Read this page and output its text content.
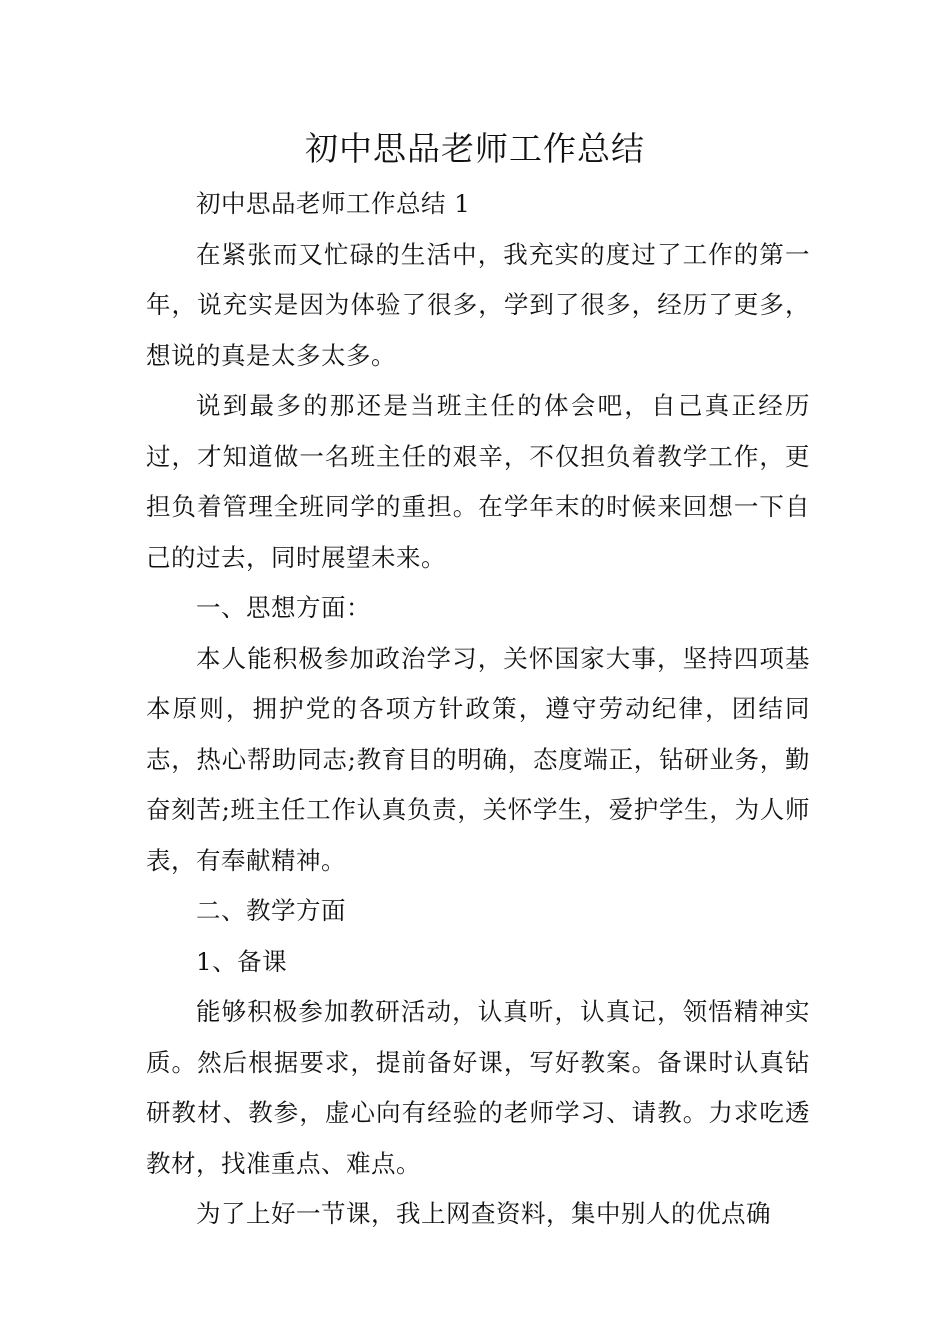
初中思品老师工作总结

初中思品老师工作总结 1

在紧张而又忙碌的生活中，我充实的度过了工作的第一年，说充实是因为体验了很多，学到了很多，经历了更多，想说的真是太多太多。

说到最多的那还是当班主任的体会吧，自己真正经历过，才知道做一名班主任的艰辛，不仅担负着教学工作，更担负着管理全班同学的重担。在学年末的时候来回想一下自己的过去，同时展望未来。

一、思想方面：

本人能积极参加政治学习，关怀国家大事，坚持四项基本原则，拥护党的各项方针政策，遵守劳动纪律，团结同志，热心帮助同志;教育目的明确，态度端正，钻研业务，勤奋刻苦;班主任工作认真负责，关怀学生，爱护学生，为人师表，有奉献精神。

二、教学方面

1、备课

能够积极参加教研活动，认真听，认真记，领悟精神实质。然后根据要求，提前备好课，写好教案。备课时认真钻研教材、教参，虚心向有经验的老师学习、请教。力求吃透教材，找准重点、难点。

为了上好一节课，我上网查资料，集中别人的优点确
